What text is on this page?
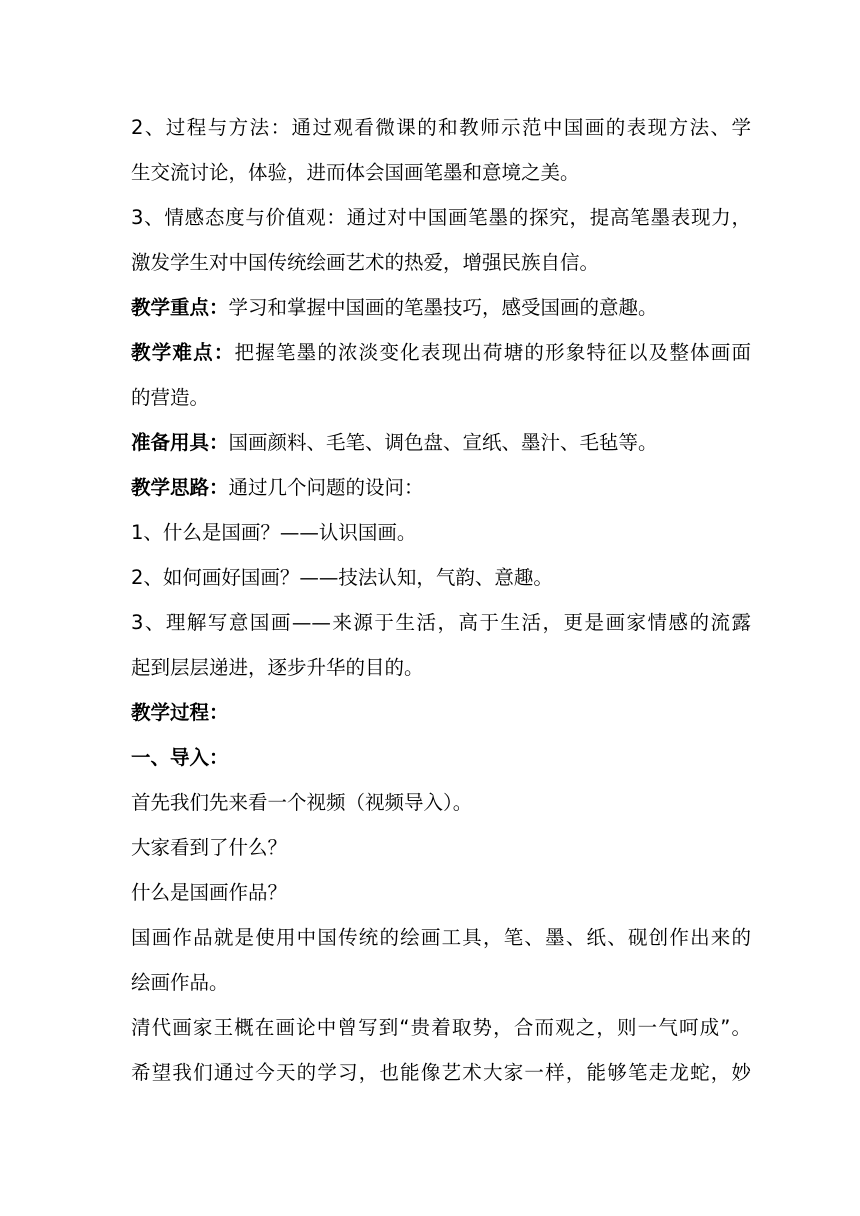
2、过程与方法：通过观看微课的和教师示范中国画的表现方法、学
生交流讨论，体验，进而体会国画笔墨和意境之美。
3、情感态度与价值观：通过对中国画笔墨的探究，提高笔墨表现力，
激发学生对中国传统绘画艺术的热爱，增强民族自信。
教学重点：学习和掌握中国画的笔墨技巧，感受国画的意趣。
教学难点：把握笔墨的浓淡变化表现出荷塘的形象特征以及整体画面
的营造。
准备用具：国画颜料、毛笔、调色盘、宣纸、墨汁、毛毡等。
教学思路：通过几个问题的设问：
1、什么是国画？——认识国画。
2、如何画好国画？——技法认知，气韵、意趣。
3、理解写意国画——来源于生活，高于生活，更是画家情感的流露
起到层层递进，逐步升华的目的。
教学过程：
一、导入：
首先我们先来看一个视频（视频导入）。
大家看到了什么？
什么是国画作品？
国画作品就是使用中国传统的绘画工具，笔、墨、纸、砚创作出来的
绘画作品。
清代画家王概在画论中曾写到“贵着取势，合而观之，则一气呵成”。
希望我们通过今天的学习，也能像艺术大家一样，能够笔走龙蛇，妙
